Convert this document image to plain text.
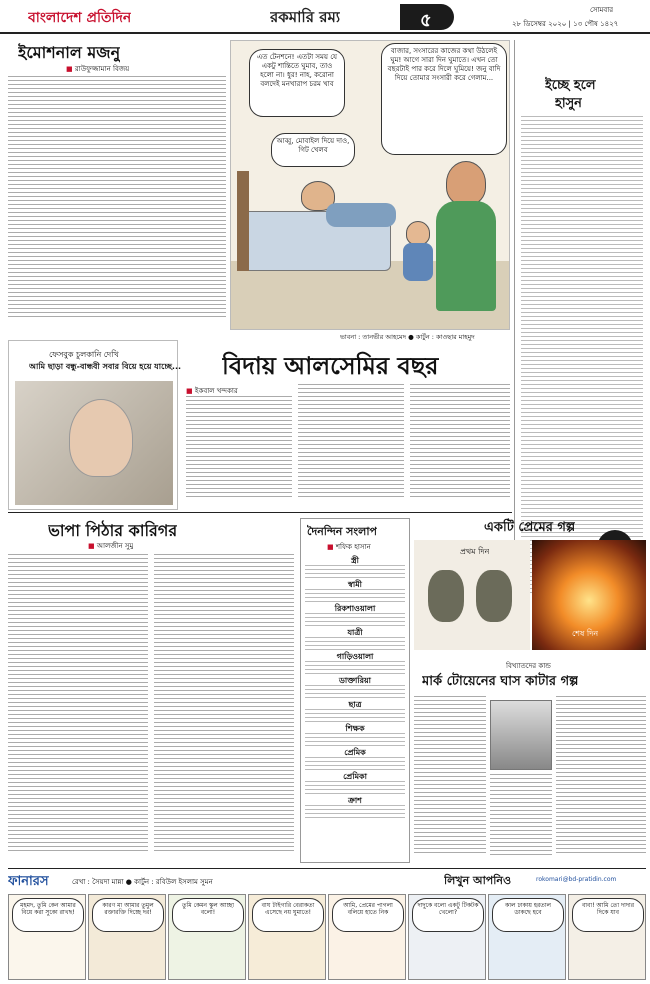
বাংলাদেশ প্রতিদিন	রকমারি রম্য	৫	সোমবার
২৮ ডিসেম্বর ২০২০ | ১৩ পৌষ ১৪২৭
ইমোশনাল মজনু
■ রাউফুজ্জামান বিজয়
এত টেনশনে! এতটা সময় যে একটু শান্তিতে ঘুমাব, তাও হলো না। ধুর! নাহ, করোনা বলদেই মনখারাপ চরম খাব
বাজার, সংসারের কাজের কথা উঠলেই ঘুম! আগে সারা দিন ঘুমাতে। এখন তো বছরটাই পার করে দিলে ঘুমিয়ে! জনু বাদি দিয়ে তোমার সংসারী করে গেলাম...
আব্বু, মোবাইল দিয়ে দাও, গিট খেলব
ভাবনা : তানভীর আহমেদ ● কার্টুন : কাওছার মাহমুদ
ইচ্ছে হলে
হাসুন
ফেসবুক চুলকানি দেখি
আমি ছাড়া বন্ধু-বান্ধবী সবার বিয়ে হয়ে যাচ্ছে... বিদায় আলসেমির বছর
■ ইকবাল খন্দকার
ভাপা পিঠার কারিগর
■ আলজীন সুমু
দৈনন্দিন সংলাপ
■ শফিক হাসান
স্ত্রী
স্বামী
রিকশাওয়ালা
যাত্রী
গাড়িওয়ালা
ডাক্তারিয়া
ছাত্র
শিক্ষক
প্রেমিক
প্রেমিকা
ক্রাশ
একটি প্রেমের গল্প
প্রথম দিন
শেষ দিন
বিখ্যাতদের কান্ড
মার্ক টোয়েনের ঘাস কাটার গল্প
ফানারস	রেখা : সৈয়দা মান্না ● কার্টুন : রবিউল ইসলাম সুমন	লিখুন আপনিও	rokomari@bd-pratidin.com
মহমদ, তুমি কেন আমার বিয়ে করা সুকো রাখছ!
কারণ মা আমার তুমুল রক্তারক্তি দিচ্ছে দর!
তুমি কেমন স্কুল আচ্ছা বলো!
বাঘ টাইগারি বেরাকতা এসেছে নয় ঘুমাতে!
আমি, প্রেমের পাগলা বলিয়ে হাতে নিক
দাদুকে বলো একটু টিকটক খেলো?
কাল ঢাকায় হরতাল ডাকছে হবে
বাবা! আমি তো দাদার দিকে যাব
